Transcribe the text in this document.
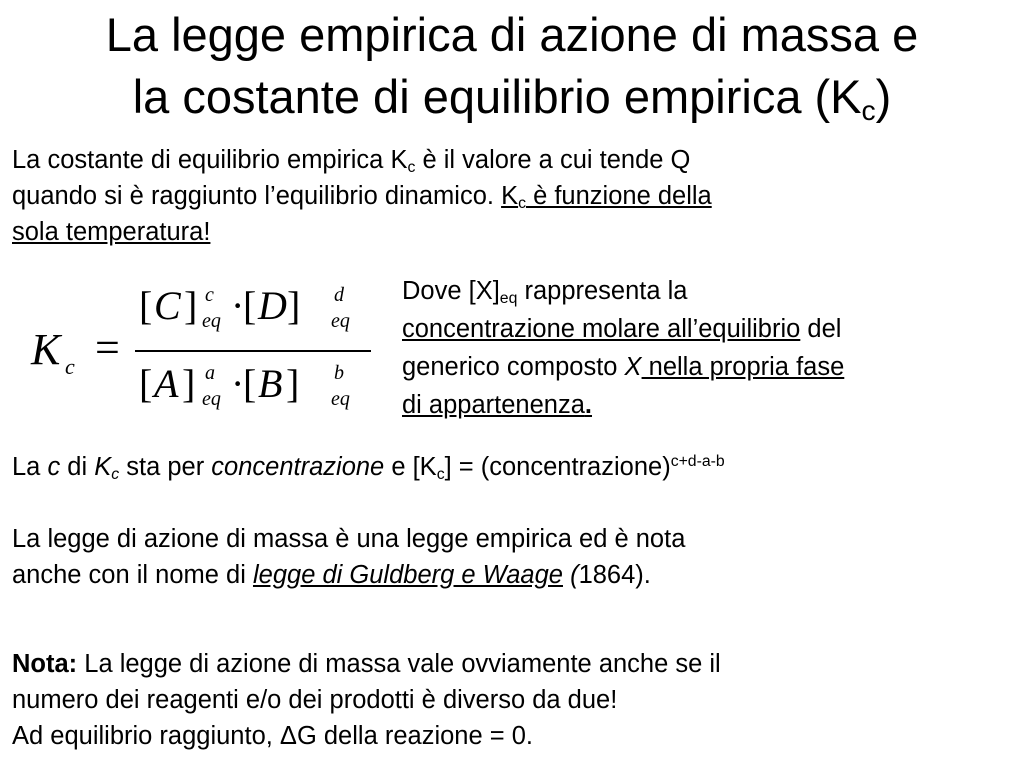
La legge empirica di azione di massa e
la costante di equilibrio empirica $(K_c)$
La costante di equilibrio empirica $K_c$ è il valore a cui tende Q
quando si è raggiunto l’equilibrio dinamico. $K_c$ è funzione della
sola temperatura!
K c =
[ C ] c
eq ·
[ D ] d
eq
[ A ] a
eq ·
[ B ] b
eq
Dove $[X]_{eq}$ rappresenta la
concentrazione molare all’equilibrio del
generico composto X nella propria fase
di appartenenza.
La c di $K_c$ sta per concentrazione e $[K_c]$ = (concentrazione)$^{c+d-a-b}$
La legge di azione di massa è una legge empirica ed è nota
anche con il nome di legge di Guldberg e Waage (1864).
Nota: La legge di azione di massa vale ovviamente anche se il
numero dei reagenti e/o dei prodotti è diverso da due!
Ad equilibrio raggiunto, ΔG della reazione = 0.
